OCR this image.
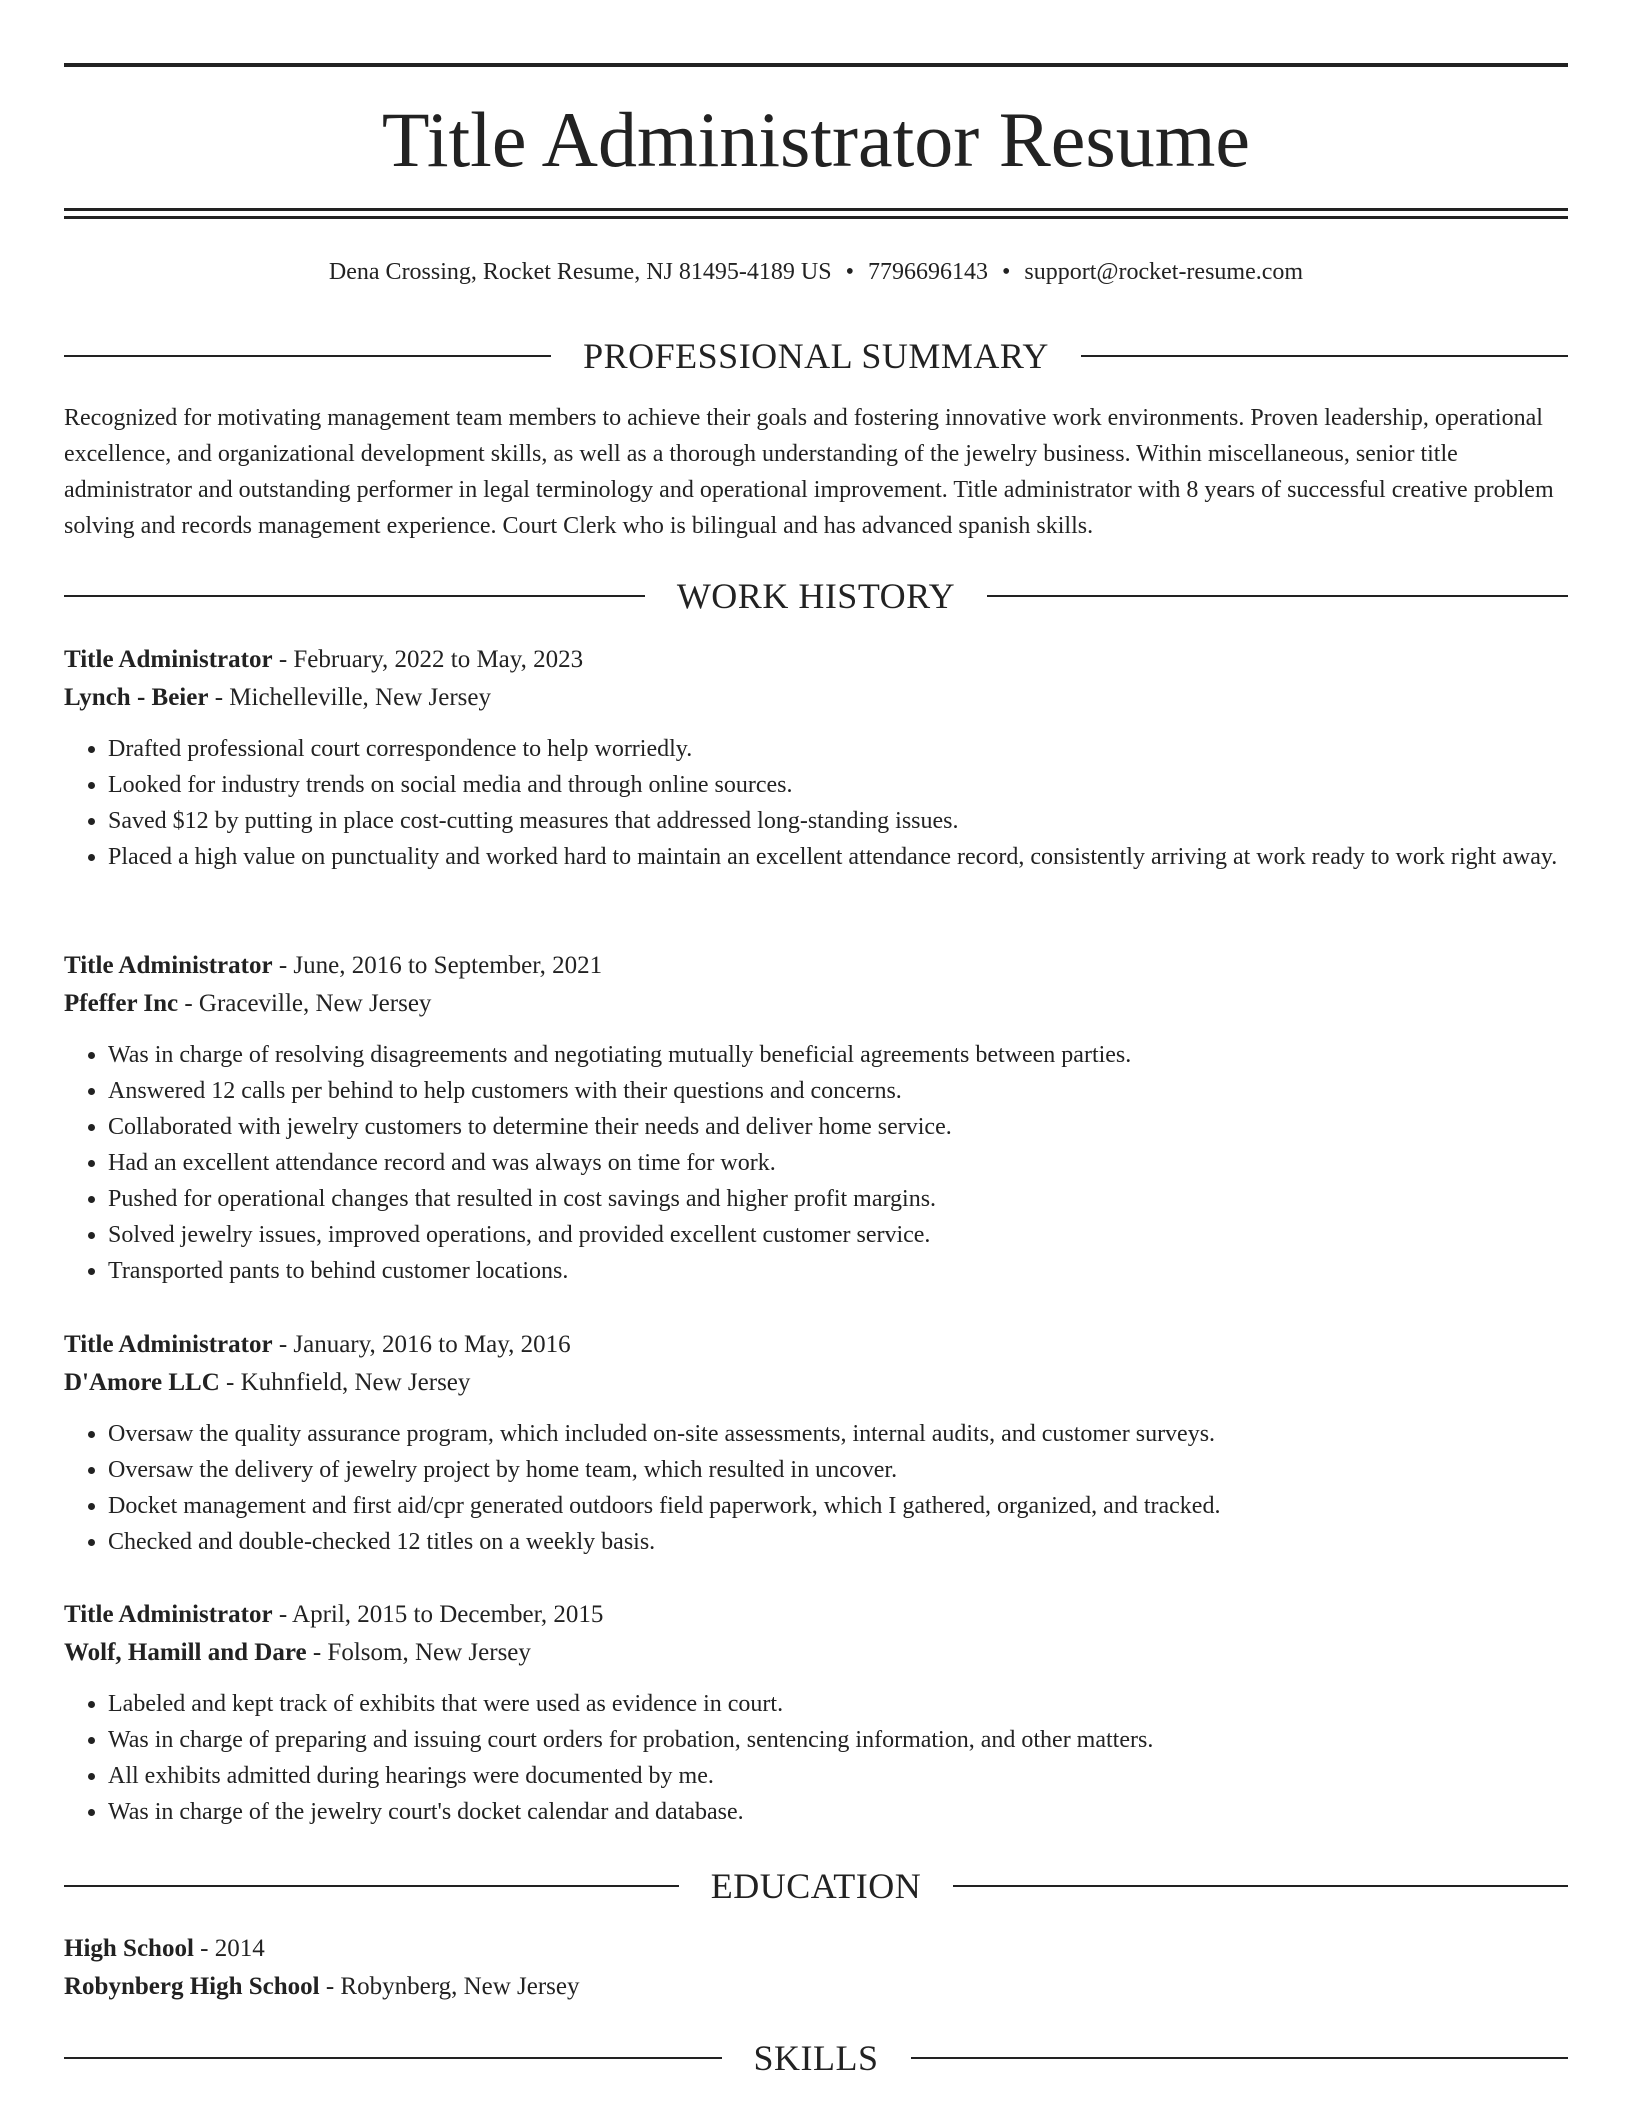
Title Administrator Resume
Dena Crossing, Rocket Resume, NJ 81495-4189 US • 7796696143 • support@rocket-resume.com
PROFESSIONAL SUMMARY

Recognized for motivating management team members to achieve their goals and fostering innovative work environments. Proven leadership, operational excellence, and organizational development skills, as well as a thorough understanding of the jewelry business. Within miscellaneous, senior title administrator and outstanding performer in legal terminology and operational improvement. Title administrator with 8 years of successful creative problem solving and records management experience. Court Clerk who is bilingual and has advanced spanish skills.

WORK HISTORY

Title Administrator - February, 2022 to May, 2023

Lynch - Beier - Michelleville, New Jersey

• Drafted professional court correspondence to help worriedly.
• Looked for industry trends on social media and through online sources.
• Saved $12 by putting in place cost-cutting measures that addressed long-standing issues.
• Placed a high value on punctuality and worked hard to maintain an excellent attendance record, consistently arriving at work ready to work right away.

Title Administrator - June, 2016 to September, 2021

Pfeffer Inc - Graceville, New Jersey

• Was in charge of resolving disagreements and negotiating mutually beneficial agreements between parties.
• Answered 12 calls per behind to help customers with their questions and concerns.
• Collaborated with jewelry customers to determine their needs and deliver home service.
• Had an excellent attendance record and was always on time for work.
• Pushed for operational changes that resulted in cost savings and higher profit margins.
• Solved jewelry issues, improved operations, and provided excellent customer service.
• Transported pants to behind customer locations.

Title Administrator - January, 2016 to May, 2016

D'Amore LLC - Kuhnfield, New Jersey

• Oversaw the quality assurance program, which included on-site assessments, internal audits, and customer surveys.
• Oversaw the delivery of jewelry project by home team, which resulted in uncover.
• Docket management and first aid/cpr generated outdoors field paperwork, which I gathered, organized, and tracked.
• Checked and double-checked 12 titles on a weekly basis.

Title Administrator - April, 2015 to December, 2015

Wolf, Hamill and Dare - Folsom, New Jersey

• Labeled and kept track of exhibits that were used as evidence in court.
• Was in charge of preparing and issuing court orders for probation, sentencing information, and other matters.
• All exhibits admitted during hearings were documented by me.
• Was in charge of the jewelry court's docket calendar and database.
EDUCATION

High School - 2014

Robynberg High School - Robynberg, New Jersey

SKILLS
